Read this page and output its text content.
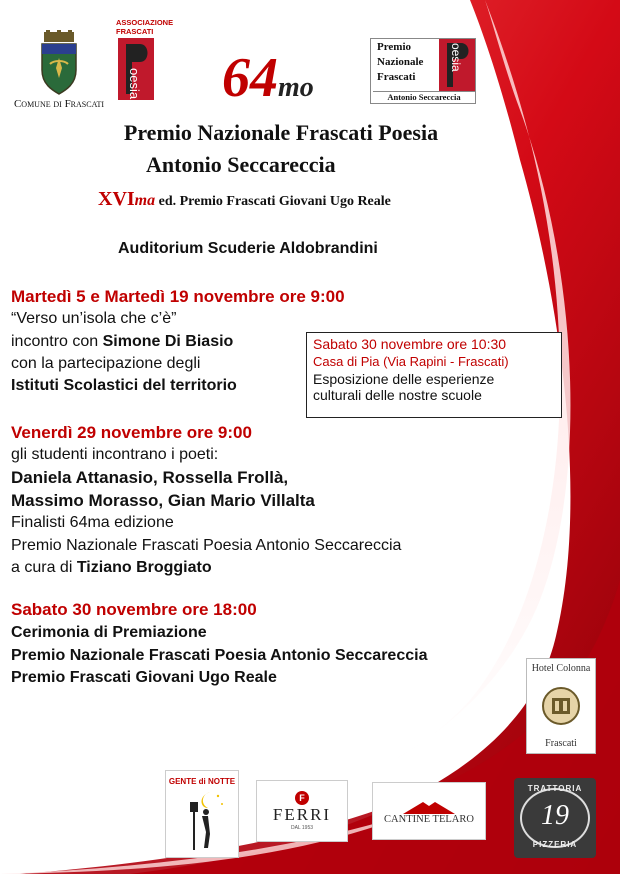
Comune di Frascati
ASSOCIAZIONE
FRASCATI
oesia 64mo
Premio
Nazionale
Frascati
oesia
Antonio Seccareccia
Premio Nazionale Frascati Poesia
Antonio Seccareccia
XVIma ed. Premio Frascati Giovani Ugo Reale
Auditorium Scuderie Aldobrandini
Martedì 5 e Martedì 19 novembre ore 9:00
“Verso un’isola che c’è”
incontro con Simone Di Biasio
con la partecipazione degli
Istituti Scolastici del territorio
Sabato 30 novembre ore 10:30
Casa di Pia (Via Rapini - Frascati)
Esposizione delle esperienze
culturali delle nostre scuole
Venerdì 29 novembre ore 9:00
gli studenti incontrano i poeti:
Daniela Attanasio, Rossella Frollà,
Massimo Morasso, Gian Mario Villalta
Finalisti 64ma edizione
Premio Nazionale Frascati Poesia Antonio Seccareccia
a cura di Tiziano Broggiato
Sabato 30 novembre ore 18:00
Cerimonia di Premiazione
Premio Nazionale Frascati Poesia Antonio Seccareccia
Premio Frascati Giovani Ugo Reale
Hotel Colonna
Frascati
GENTE di NOTTE
F
FERRI
DAL 1953
CANTINE TELARO
TRATTORIA
19
PIZZERIA
